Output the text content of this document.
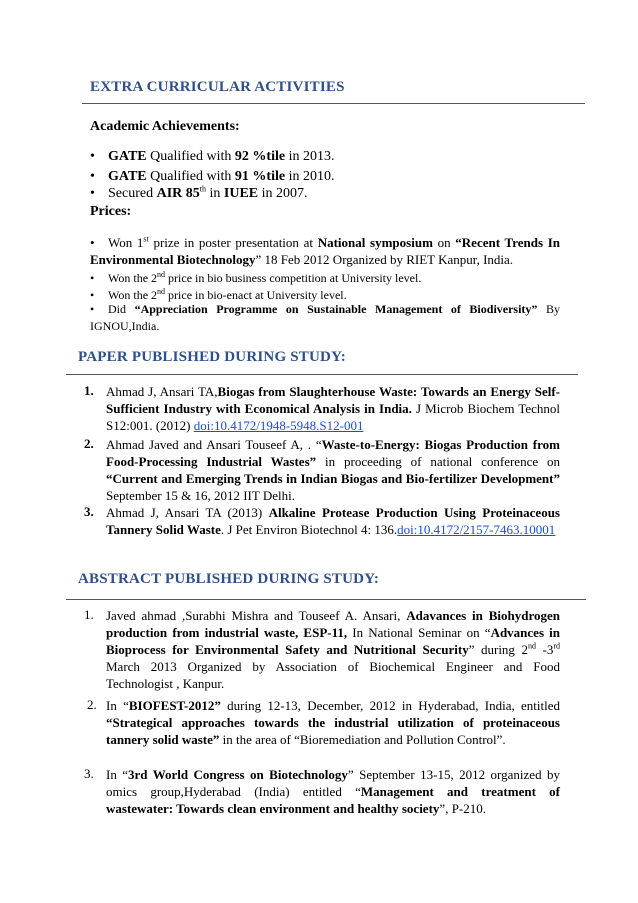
EXTRA CURRICULAR ACTIVITIES
Academic Achievements:
• GATE Qualified with 92 %tile in 2013.
• GATE Qualified with 91 %tile in 2010.
• Secured AIR 85th in IUEE in 2007.
Prices:
• Won 1st prize in poster presentation at National symposium on “Recent Trends In Environmental Biotechnology” 18 Feb 2012 Organized by RIET Kanpur, India.
• Won the 2nd price in bio business competition at University level.
• Won the 2nd price in bio-enact at University level.
• Did “Appreciation Programme on Sustainable Management of Biodiversity” By IGNOU,India.
PAPER PUBLISHED DURING STUDY:
1. Ahmad J, Ansari TA,Biogas from Slaughterhouse Waste: Towards an Energy Self- Sufficient Industry with Economical Analysis in India. J Microb Biochem Technol S12:001. (2012) doi:10.4172/1948-5948.S12-001
2. Ahmad Javed and Ansari Touseef A, . “Waste-to-Energy: Biogas Production from Food-Processing Industrial Wastes” in proceeding of national conference on “Current and Emerging Trends in Indian Biogas and Bio-fertilizer Development” September 15 & 16, 2012 IIT Delhi.
3. Ahmad J, Ansari TA (2013) Alkaline Protease Production Using Proteinaceous Tannery Solid Waste. J Pet Environ Biotechnol 4: 136.doi:10.4172/2157-7463.10001
ABSTRACT PUBLISHED DURING STUDY:
1. Javed ahmad ,Surabhi Mishra and Touseef A. Ansari, Adavances in Biohydrogen production from industrial waste, ESP-11, In National Seminar on “Advances in Bioprocess for Environmental Safety and Nutritional Security” during 2nd -3rd March 2013 Organized by Association of Biochemical Engineer and Food Technologist , Kanpur.
2. In “BIOFEST-2012” during 12-13, December, 2012 in Hyderabad, India, entitled “Strategical approaches towards the industrial utilization of proteinaceous tannery solid waste” in the area of “Bioremediation and Pollution Control”.
3. In “3rd World Congress on Biotechnology” September 13-15, 2012 organized by omics group,Hyderabad (India) entitled “Management and treatment of wastewater: Towards clean environment and healthy society”, P-210.
